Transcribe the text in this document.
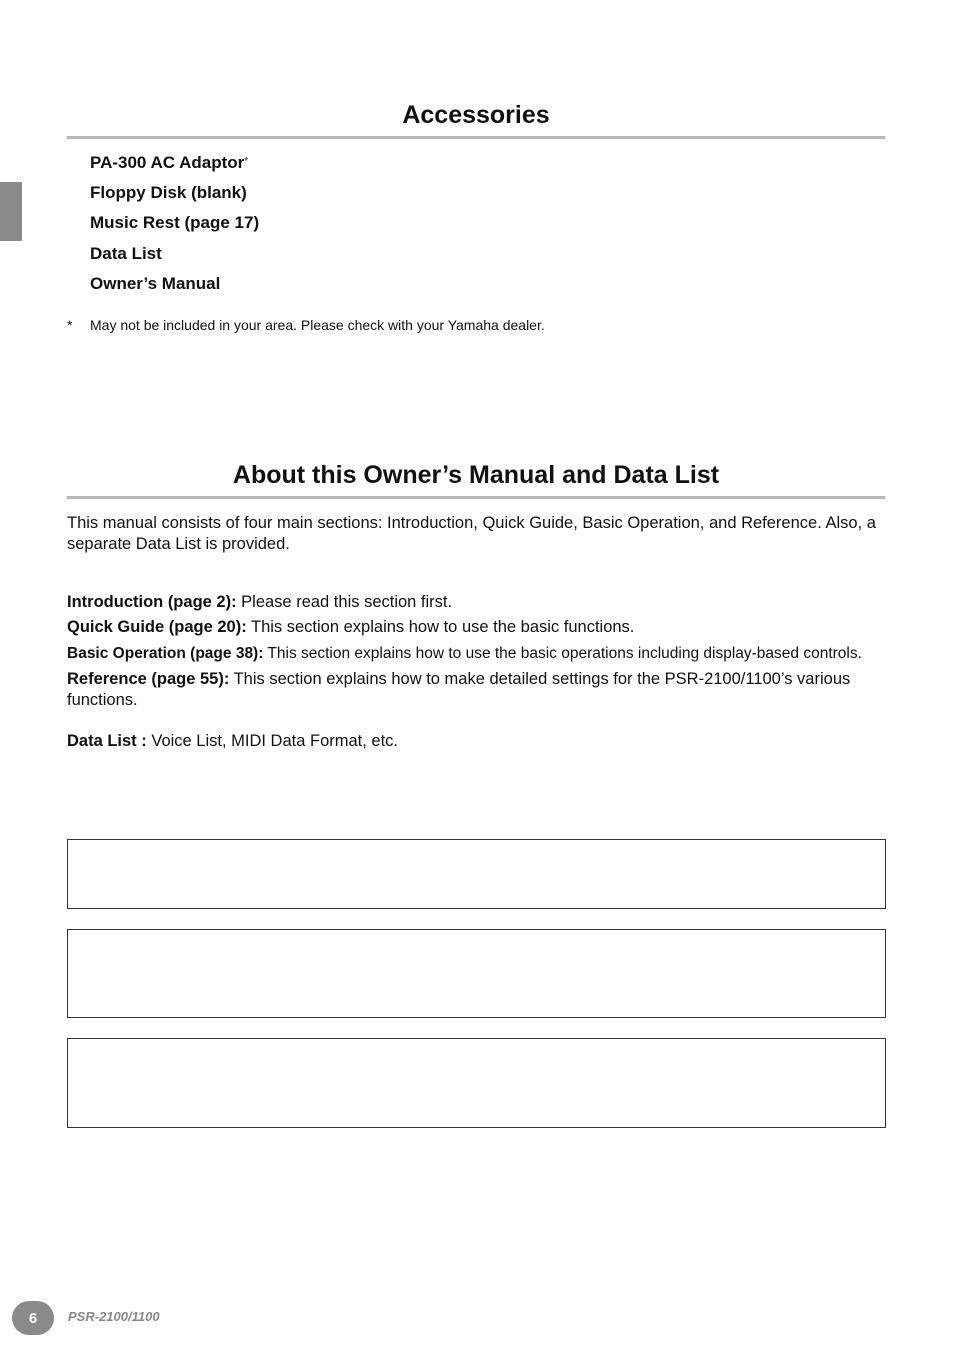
Accessories
PA-300 AC Adaptor*
Floppy Disk (blank)
Music Rest (page 17)
Data List
Owner’s Manual
* May not be included in your area. Please check with your Yamaha dealer.
About this Owner’s Manual and Data List

This manual consists of four main sections: Introduction, Quick Guide, Basic Operation, and Reference. Also, a separate Data List is provided.

Introduction (page 2): Please read this section first.

Quick Guide (page 20): This section explains how to use the basic functions.

Basic Operation (page 38): This section explains how to use the basic operations including display-based controls.

Reference (page 55): This section explains how to make detailed settings for the PSR-2100/1100’s various functions.

Data List : Voice List, MIDI Data Format, etc.

6	PSR-2100/1100
